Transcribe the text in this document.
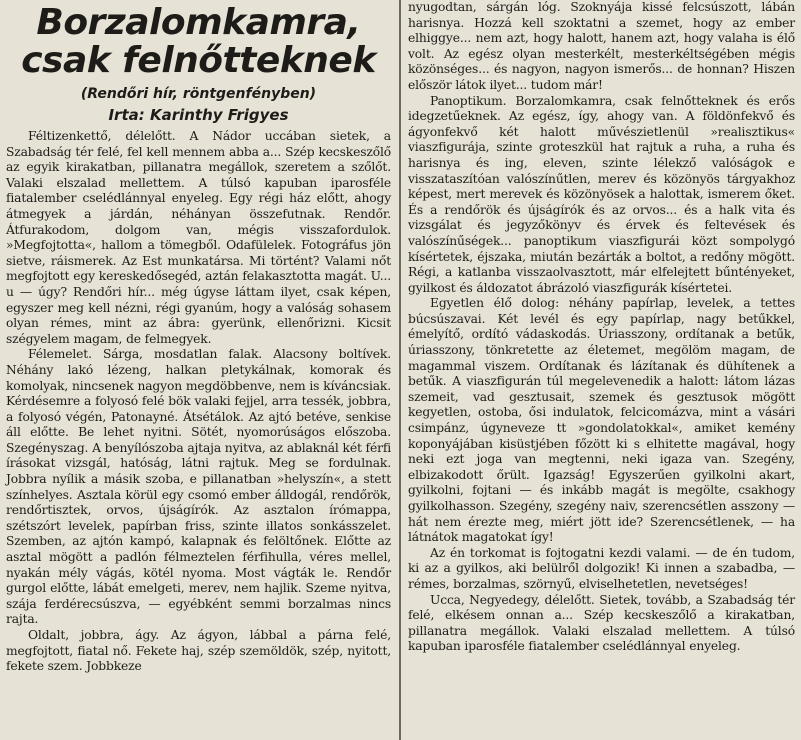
Borzalomkamra,
csak felnőtteknek
(Rendőri hír, röntgenfényben)
Irta: Karinthy Frigyes

Féltizenkettő, délelőtt. A Nádor uccában sietek, a Szabadság tér felé, fel kell mennem abba a... Szép kecskeszőlő az egyik kirakatban, pillanatra megállok, szeretem a szőlőt. Valaki elszalad mellettem. A túlsó kapuban iparosféle fiatalember cselédlánnyal enyeleg. Egy régi ház előtt, ahogy átmegyek a járdán, néhányan összefutnak. Rendőr. Átfurakodom, dolgom van, mégis visszafordulok. »Megfojtotta«, hallom a tömegből. Odafülelek. Fotográfus jön sietve, ráismerek. Az Est munkatársa. Mi történt? Valami nőt megfojtott egy kereskedősegéd, aztán felakasztotta magát. U... u — úgy? Rendőri hír... még úgyse láttam ilyet, csak képen, egyszer meg kell nézni, régi gyanúm, hogy a valóság sohasem olyan rémes, mint az ábra: gyerünk, ellenőrizni. Kicsit szégyelem magam, de felmegyek.

Félemelet. Sárga, mosdatlan falak. Alacsony boltívek. Néhány lakó lézeng, halkan pletykálnak, komorak és komolyak, nincsenek nagyon megdöbbenve, nem is kíváncsiak. Kérdésemre a folyosó felé bök valaki fejjel, arra tessék, jobbra, a folyosó végén, Patonayné. Átsétálok. Az ajtó betéve, senkise áll előtte. Be lehet nyitni. Sötét, nyomorúságos előszoba. Szegényszag. A benyílószoba ajtaja nyitva, az ablaknál két férfi írásokat vizsgál, hatóság, látni rajtuk. Meg se fordulnak. Jobbra nyílik a másik szoba, e pillanatban »helyszín«, a stett színhelyes. Asztala körül egy csomó ember álldogál, rendőrök, rendőrtisztek, orvos, újságírók. Az asztalon írómappa, szétszórt levelek, papírban friss, szinte illatos sonkásszelet. Szemben, az ajtón kampó, kalapnak és felöltőnek. Előtte az asztal mögött a padlón félmeztelen férfihulla, véres mellel, nyakán mély vágás, kötél nyoma. Most vágták le. Rendőr gurgol előtte, lábát emelgeti, merev, nem hajlik. Szeme nyitva, szája ferdérecsúszva, — egyébként semmi borzalmas nincs rajta.

Oldalt, jobbra, ágy. Az ágyon, lábbal a párna felé, megfojtott, fiatal nő. Fekete haj, szép szemöldök, szép, nyitott, fekete szem. Jobbkeze

nyugodtan, sárgán lóg. Szoknyája kissé felcsúszott, lábán harisnya. Hozzá kell szoktatni a szemet, hogy az ember elhiggye... nem azt, hogy halott, hanem azt, hogy valaha is élő volt. Az egész olyan mesterkélt, mesterkéltségében mégis közönséges... és nagyon, nagyon ismerős... de honnan? Hiszen először látok ilyet... tudom már!

Panoptikum. Borzalomkamra, csak felnőtteknek és erős idegzetűeknek. Az egész, így, ahogy van. A földönfekvő és ágyonfekvő két halott művészietlenül »realisztikus« viaszfigurája, szinte groteszkül hat rajtuk a ruha, a ruha és harisnya és ing, eleven, szinte lélekző valóságok e visszataszítóan valószínűtlen, merev és közönyös tárgyakhoz képest, mert merevek és közönyösek a halottak, ismerem őket. És a rendőrök és újságírók és az orvos... és a halk vita és vizsgálat és jegyzőkönyv és érvek és feltevések és valószínűségek... panoptikum viaszfigurái közt sompolygó kísértetek, éjszaka, miután bezárták a boltot, a redőny mögött. Régi, a katlanba visszaolvasztott, már elfelejtett bűntényeket, gyilkost és áldozatot ábrázoló viaszfigurák kísértetei.

Egyetlen élő dolog: néhány papírlap, levelek, a tettes búcsúszavai. Két levél és egy papírlap, nagy betűkkel, émelyítő, ordító vádaskodás. Úriasszony, ordítanak a betűk, úriasszony, tönkretette az életemet, megölöm magam, de magammal viszem. Ordítanak és lázítanak és dühítenek a betűk. A viaszfigurán túl megelevenedik a halott: látom lázas szemeit, vad gesztusait, szemek és gesztusok mögött kegyetlen, ostoba, ősi indulatok, felcicomázva, mint a vásári csimpánz, úgyneveze tt »gondolatokkal«, amiket kemény koponyájában kisüstjében főzött ki s elhitette magával, hogy neki ezt joga van megtenni, neki igaza van. Szegény, elbizakodott őrült. Igazság! Egyszerűen gyilkolni akart, gyilkolni, fojtani — és inkább magát is megölte, csakhogy gyilkolhasson. Szegény, szegény naiv, szerencsétlen asszony — hát nem érezte meg, miért jött ide? Szerencsétlenek, — ha látnátok magatokat így!

Az én torkomat is fojtogatni kezdi valami. — de én tudom, ki az a gyilkos, aki belülről dolgozik! Ki innen a szabadba, — rémes, borzalmas, szörnyű, elviselhetetlen, nevetséges!

Ucca, Negyedegy, délelőtt. Sietek, tovább, a Szabadság tér felé, elkésem onnan a... Szép kecskeszőlő a kirakatban, pillanatra megállok. Valaki elszalad mellettem. A túlsó kapuban iparosféle fiatalember cselédlánnyal enyeleg.
